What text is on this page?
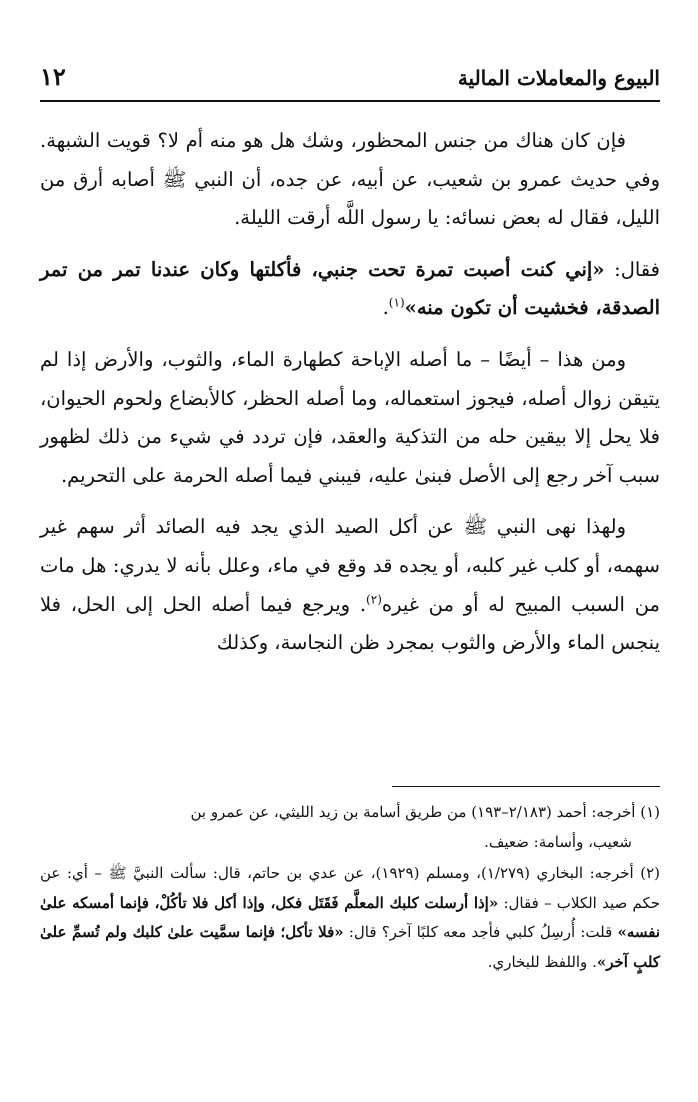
البيوع والمعاملات المالية
١٢

فإن كان هناك من جنس المحظور، وشك هل هو منه أم لا؟ قويت الشبهة. وفي حديث عمرو بن شعيب، عن أبيه، عن جده، أن النبي ﷺ أصابه أرق من الليل، فقال له بعض نسائه: يا رسول اللَّه أرقت الليلة.

فقال: «إني كنت أصبت تمرة تحت جنبي، فأكلتها وكان عندنا تمر من تمر الصدقة، فخشيت أن تكون منه»$^{(١)}$.

ومن هذا – أيضًا – ما أصله الإباحة كطهارة الماء، والثوب، والأرض إذا لم يتيقن زوال أصله، فيجوز استعماله، وما أصله الحظر، كالأبضاع ولحوم الحيوان، فلا يحل إلا بيقين حله من التذكية والعقد، فإن تردد في شيء من ذلك لظهور سبب آخر رجع إلى الأصل فبنىٰ عليه، فيبني فيما أصله الحرمة على التحريم.

ولهذا نهى النبي ﷺ عن أكل الصيد الذي يجد فيه الصائد أثر سهم غير سهمه، أو كلب غير كلبه، أو يجده قد وقع في ماء، وعلل بأنه لا يدري: هل مات من السبب المبيح له أو من غيره$^{(٢)}$. ويرجع فيما أصله الحل إلى الحل، فلا ينجس الماء والأرض والثوب بمجرد ظن النجاسة، وكذلك

(١) أخرجه: أحمد (٢/١٨٣–١٩٣) من طريق أسامة بن زيد الليثي، عن عمرو بن
شعيب، وأسامة: ضعيف.

(٢) أخرجه: البخاري (١/٢٧٩)، ومسلم (١٩٢٩)، عن عدي بن حاتم، قال: سألت النبيَّ ﷺ – أي: عن حكم صيد الكلاب – فقال: «إذا أرسلت كلبك المعلَّم فَقَتَل فكل، وإذا أكل فلا تأكُلْ، فإنما أمسكه علىٰ نفسه» قلت: أُرسِلُ كلبي فأجد معه كلبًا آخر؟ قال: «فلا تأكل؛ فإنما سمَّيت علىٰ كلبك ولم تُسمِّ علىٰ كلبٍ آخر». واللفظ للبخاري.
